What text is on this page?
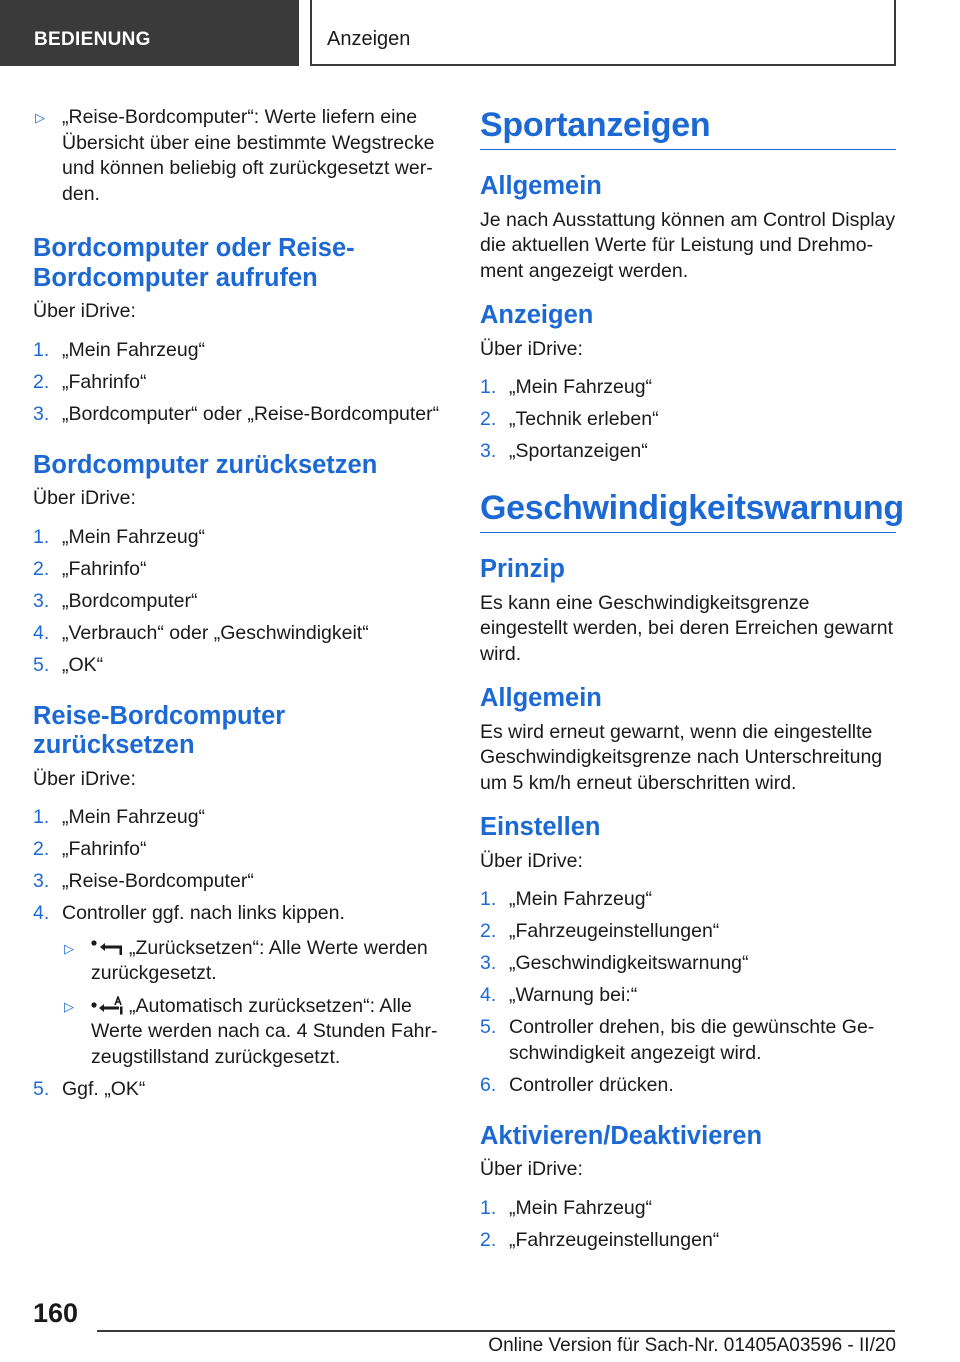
BEDIENUNG	Anzeigen
▷ „Reise-Bordcomputer“: Werte liefern eine Übersicht über eine bestimmte Wegstrecke und können beliebig oft zurückgesetzt wer-den.
Bordcomputer oder Reise-Bordcomputer aufrufen
Über iDrive:
1. „Mein Fahrzeug“
2. „Fahrinfo“
3. „Bordcomputer“ oder „Reise-Bordcomputer“
Bordcomputer zurücksetzen
Über iDrive:
1. „Mein Fahrzeug“
2. „Fahrinfo“
3. „Bordcomputer“
4. „Verbrauch“ oder „Geschwindigkeit“
5. „OK“
Reise-Bordcomputer zurücksetzen
Über iDrive:
1. „Mein Fahrzeug“
2. „Fahrinfo“
3. „Reise-Bordcomputer“
4. Controller ggf. nach links kippen.
▷	„Zurücksetzen“: Alle Werte werden zurückgesetzt.
▷	„Automatisch zurücksetzen“: Alle Werte werden nach ca. 4 Stunden Fahr-zeugstillstand zurückgesetzt.
5. Ggf. „OK“
Sportanzeigen
Allgemein
Je nach Ausstattung können am Control Display die aktuellen Werte für Leistung und Drehmo-ment angezeigt werden.
Anzeigen
Über iDrive:
1. „Mein Fahrzeug“
2. „Technik erleben“
3. „Sportanzeigen“
Geschwindigkeitswarnung
Prinzip
Es kann eine Geschwindigkeitsgrenze eingestellt werden, bei deren Erreichen gewarnt wird.
Allgemein
Es wird erneut gewarnt, wenn die eingestellte Geschwindigkeitsgrenze nach Unterschreitung um 5 km/h erneut überschritten wird.
Einstellen
Über iDrive:
1. „Mein Fahrzeug“
2. „Fahrzeugeinstellungen“
3. „Geschwindigkeitswarnung“
4. „Warnung bei:“
5. Controller drehen, bis die gewünschte Ge-schwindigkeit angezeigt wird.
6. Controller drücken.
Aktivieren/Deaktivieren
Über iDrive:
1. „Mein Fahrzeug“
2. „Fahrzeugeinstellungen“
160
Online Version für Sach-Nr. 01405A03596 - II/20
